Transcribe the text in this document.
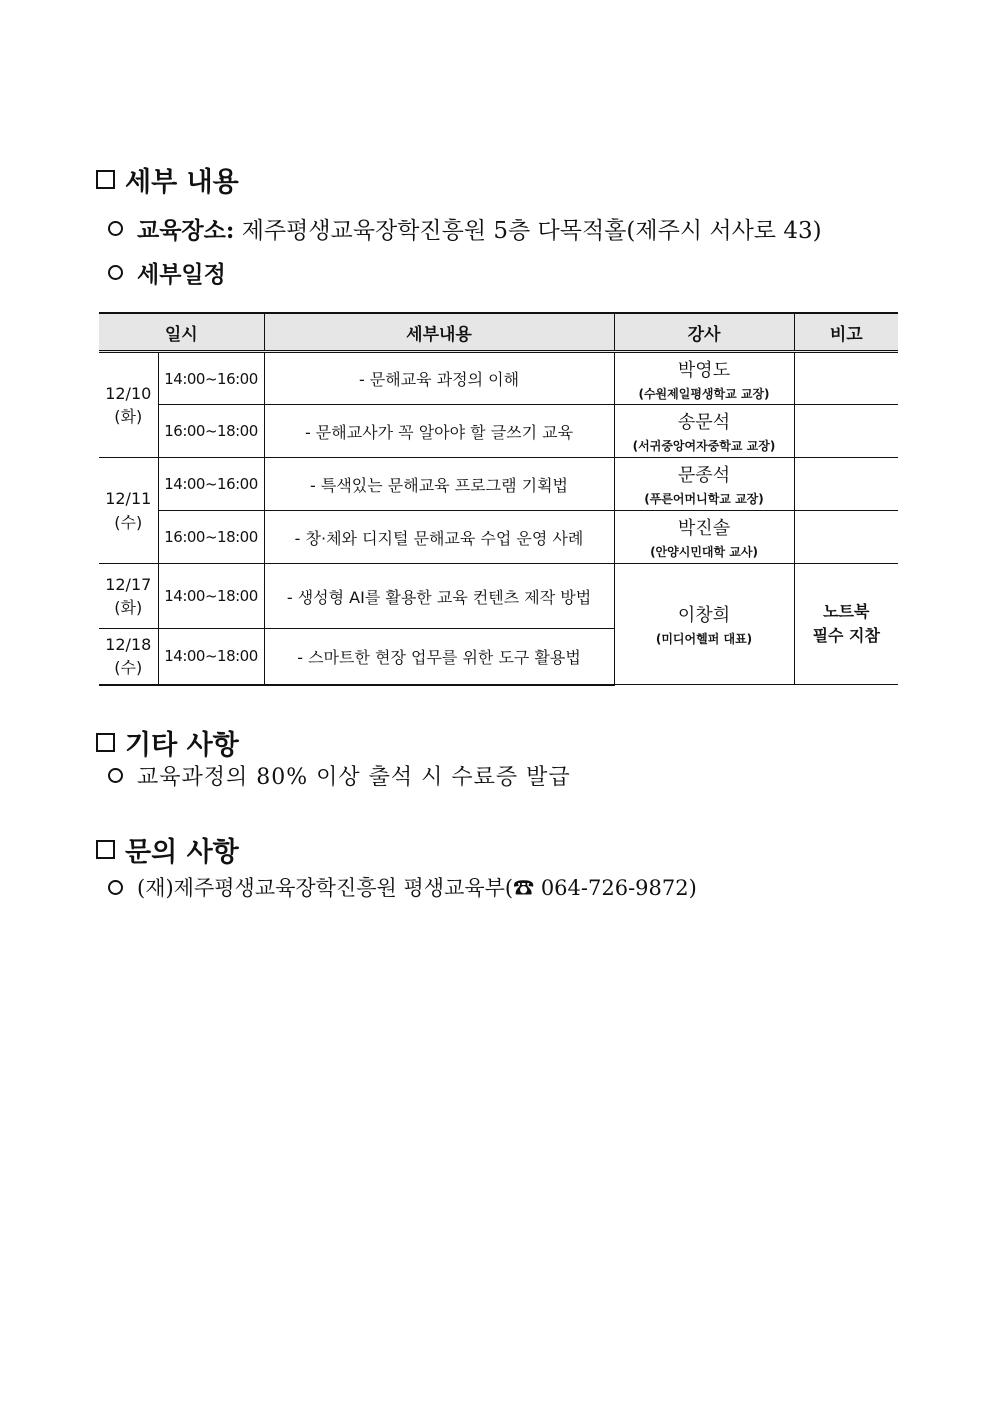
세부 내용
교육장소: 제주평생교육장학진흥원 5층 다목적홀(제주시 서사로 43)
세부일정
일시		세부내용	강사	비고
12/10
(화)	14:00~16:00	- 문해교육 과정의 이해	박영도
(수원제일평생학교 교장)	

	16:00~18:00	- 문해교사가 꼭 알아야 할 글쓰기 교육	송문석
(서귀중앙여자중학교 교장)	

12/11
(수)	14:00~16:00	- 특색있는 문해교육 프로그램 기획법	문종석
(푸른어머니학교 교장)	

	16:00~18:00	- 창·체와 디지털 문해교육 수업 운영 사례	박진솔
(안양시민대학 교사)	

12/17
(화)	14:00~18:00	- 생성형 AI를 활용한 교육 컨텐츠 제작 방법	이창희
(미디어헬퍼 대표)	노트북
필수 지참
12/18
(수)	14:00~18:00	- 스마트한 현장 업무를 위한 도구 활용법		
기타 사항
교육과정의 80% 이상 출석 시 수료증 발급
문의 사항
(재)제주평생교육장학진흥원 평생교육부(☎ 064-726-9872)
